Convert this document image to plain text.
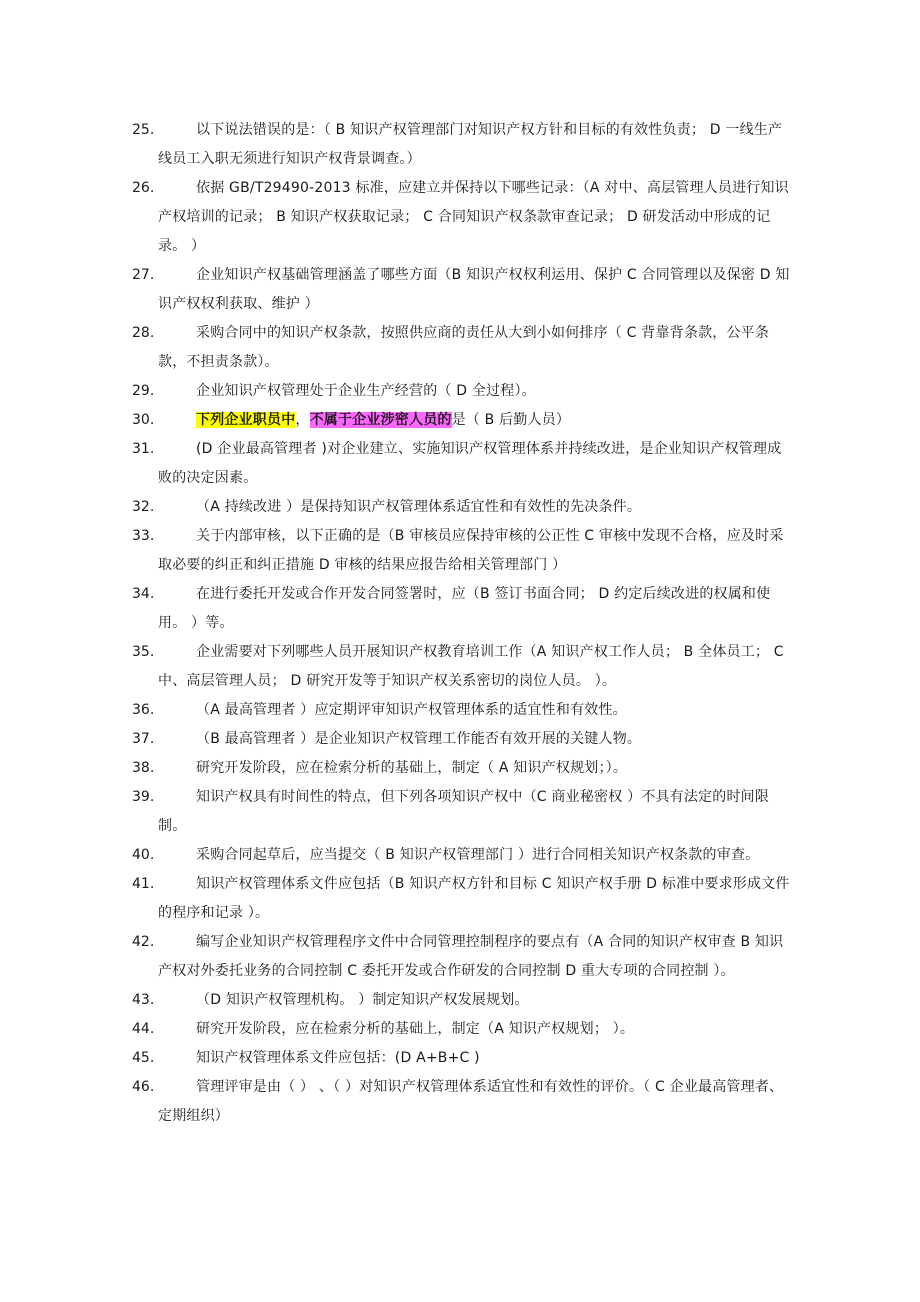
25.	以下说法错误的是：（ B 知识产权管理部门对知识产权方针和目标的有效性负责； D 一线生产线员工入职无须进行知识产权背景调查。）
26.	依据 GB/T29490-2013 标准，应建立并保持以下哪些记录：（A 对中、高层管理人员进行知识产权培训的记录； B 知识产权获取记录； C 合同知识产权条款审查记录； D 研发活动中形成的记录。 ）
27.	企业知识产权基础管理涵盖了哪些方面（B 知识产权权利运用、保护 C 合同管理以及保密 D 知识产权权利获取、维护 ）
28.	采购合同中的知识产权条款，按照供应商的责任从大到小如何排序（ C 背靠背条款，公平条款，不担责条款）。
29.	企业知识产权管理处于企业生产经营的（ D 全过程）。
30.	下列企业职员中，不属于企业涉密人员的是（ B 后勤人员）
31.	(D 企业最高管理者 )对企业建立、实施知识产权管理体系并持续改进，是企业知识产权管理成败的决定因素。
32.	（A 持续改进 ）是保持知识产权管理体系适宜性和有效性的先决条件。
33.	关于内部审核，以下正确的是（B 审核员应保持审核的公正性 C 审核中发现不合格，应及时采取必要的纠正和纠正措施 D 审核的结果应报告给相关管理部门 ）
34.	在进行委托开发或合作开发合同签署时，应（B 签订书面合同； D 约定后续改进的权属和使用。 ）等。
35.	企业需要对下列哪些人员开展知识产权教育培训工作（A 知识产权工作人员； B 全体员工； C 中、高层管理人员； D 研究开发等于知识产权关系密切的岗位人员。 ）。
36.	（A 最高管理者 ）应定期评审知识产权管理体系的适宜性和有效性。
37.	（B 最高管理者 ）是企业知识产权管理工作能否有效开展的关键人物。
38.	研究开发阶段，应在检索分析的基础上，制定（ A 知识产权规划；）。
39.	知识产权具有时间性的特点，但下列各项知识产权中（C 商业秘密权 ）不具有法定的时间限制。
40.	采购合同起草后，应当提交（ B 知识产权管理部门 ）进行合同相关知识产权条款的审查。
41.	知识产权管理体系文件应包括（B 知识产权方针和目标 C 知识产权手册 D 标准中要求形成文件的程序和记录 ）。
42.	编写企业知识产权管理程序文件中合同管理控制程序的要点有（A 合同的知识产权审查 B 知识产权对外委托业务的合同控制 C 委托开发或合作研发的合同控制 D 重大专项的合同控制 ）。
43.	（D 知识产权管理机构。 ）制定知识产权发展规划。
44.	研究开发阶段，应在检索分析的基础上，制定（A 知识产权规划； ）。
45.	知识产权管理体系文件应包括：(D A+B+C )
46.	管理评审是由（ ） 、（ ）对知识产权管理体系适宜性和有效性的评价。（ C 企业最高管理者、定期组织）
